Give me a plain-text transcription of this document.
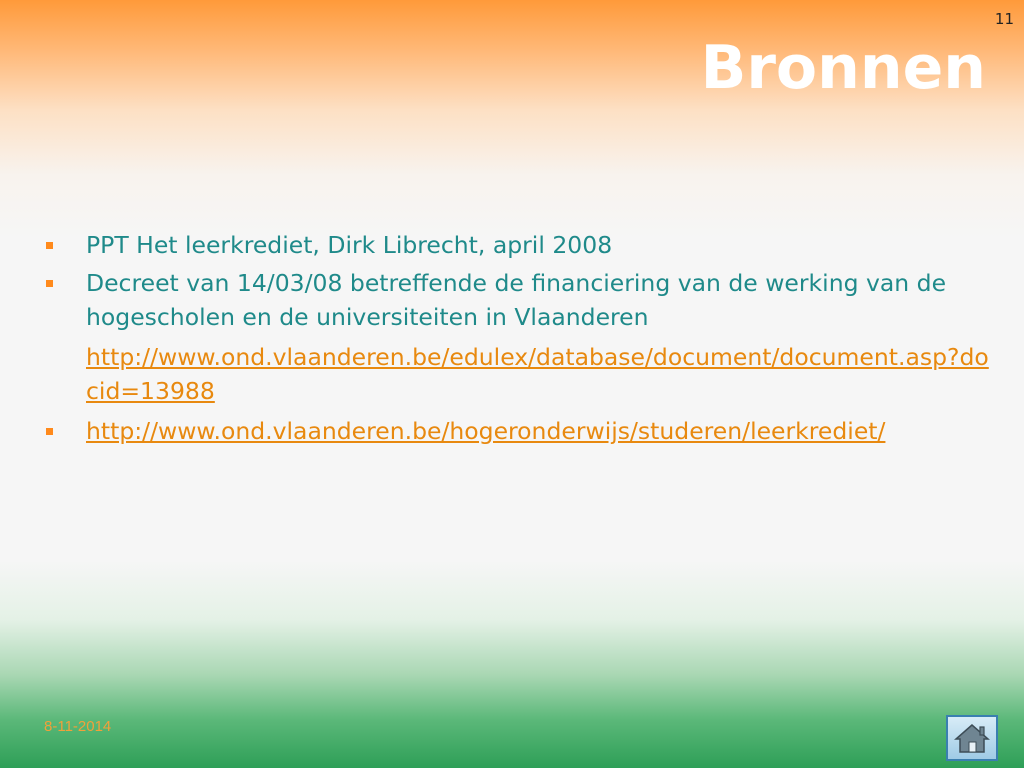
11
Bronnen
PPT Het leerkrediet, Dirk Librecht, april 2008
Decreet van 14/03/08 betreffende de financiering van de werking van de hogescholen en de universiteiten in Vlaanderen
http://www.ond.vlaanderen.be/edulex/database/document/document.asp?docid=13988
http://www.ond.vlaanderen.be/hogeronderwijs/studeren/leerkrediet/
8-11-2014
